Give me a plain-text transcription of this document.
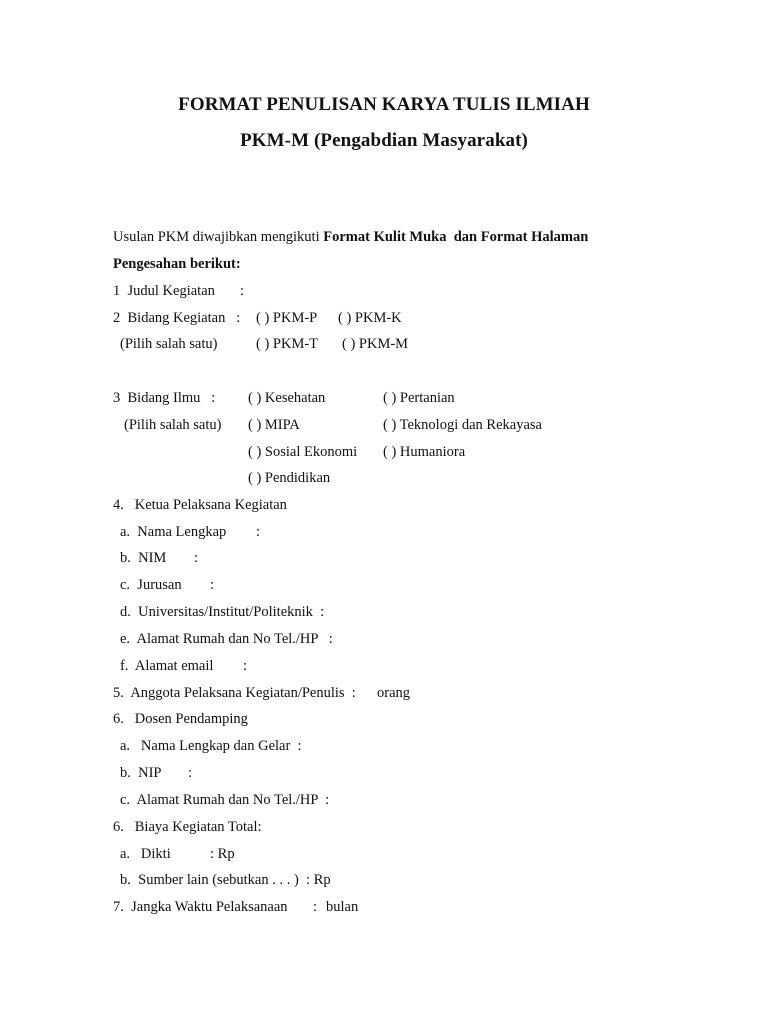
FORMAT PENULISAN KARYA TULIS ILMIAH
PKM-M (Pengabdian Masyarakat)
Usulan PKM diwajibkan mengikuti Format Kulit Muka  dan Format Halaman
Pengesahan berikut:
1  Judul Kegiatan :
2  Bidang Kegiatan   : ( ) PKM-P ( ) PKM-K
(Pilih salah satu)	( ) PKM-T ( ) PKM-M
3  Bidang Ilmu   : ( ) Kesehatan	( ) Pertanian
(Pilih salah satu) ( ) MIPA	( ) Teknologi dan Rekayasa
( ) Sosial Ekonomi ( ) Humaniora
( ) Pendidikan
4.   Ketua Pelaksana Kegiatan
a.  Nama Lengkap :
b.  NIM :
c.  Jurusan :
d.  Universitas/Institut/Politeknik  :
e.  Alamat Rumah dan No Tel./HP   :
f.  Alamat email :
5.  Anggota Pelaksana Kegiatan/Penulis  : orang
6.   Dosen Pendamping
a.   Nama Lengkap dan Gelar  :
b.  NIP :
c.  Alamat Rumah dan No Tel./HP  :
6.   Biaya Kegiatan Total:
a.   Dikti	: Rp
b.  Sumber lain (sebutkan . . . )  : Rp
7.  Jangka Waktu Pelaksanaan : bulan
